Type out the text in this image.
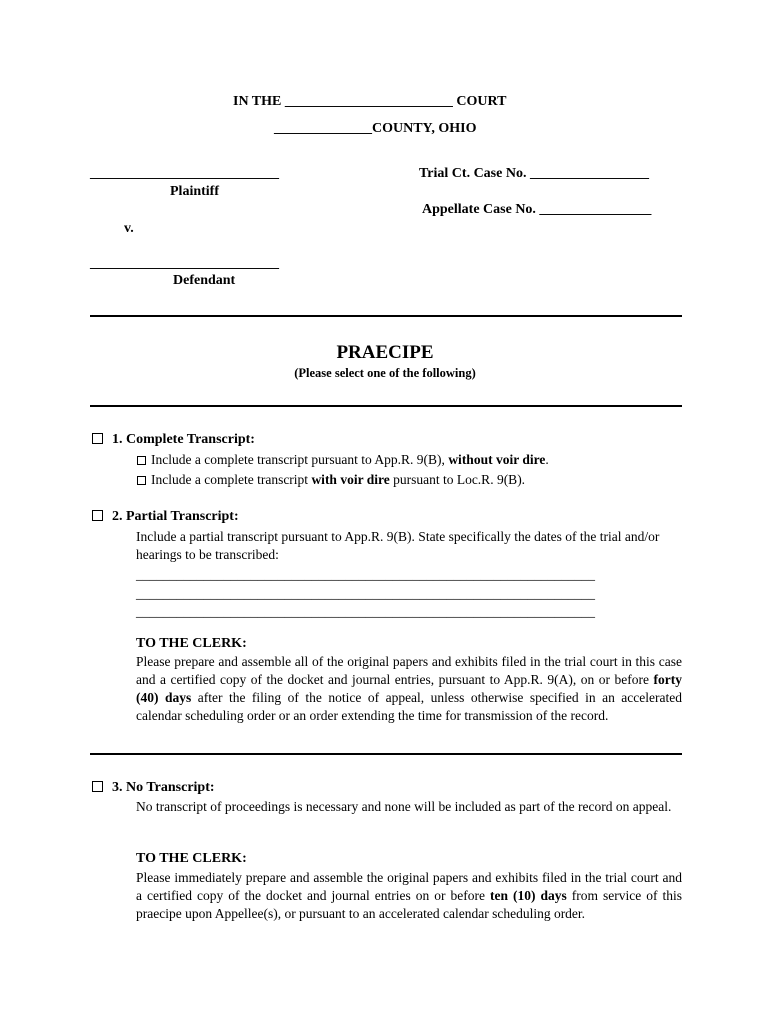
IN THE ________________________ COURT

______________COUNTY, OHIO

___________________________

Plaintiff

v.

___________________________

Defendant

Trial Ct. Case No. _________________

Appellate Case No. ________________

PRAECIPE

(Please select one of the following)

1. Complete Transcript:

Include a complete transcript pursuant to App.R. 9(B), without voir dire.

Include a complete transcript with voir dire pursuant to Loc.R. 9(B).

2. Partial Transcript:

Include a partial transcript pursuant to App.R. 9(B). State specifically the dates of the trial and/or hearings to be transcribed:

____________________________________________________________________

____________________________________________________________________

____________________________________________________________________

TO THE CLERK:

Please prepare and assemble all of the original papers and exhibits filed in the trial court in this case and a certified copy of the docket and journal entries, pursuant to App.R. 9(A), on or before forty (40) days after the filing of the notice of appeal, unless otherwise specified in an accelerated calendar scheduling order or an order extending the time for transmission of the record.

3. No Transcript:

No transcript of proceedings is necessary and none will be included as part of the record on appeal.

TO THE CLERK:

Please immediately prepare and assemble the original papers and exhibits filed in the trial court and a certified copy of the docket and journal entries on or before ten (10) days from service of this praecipe upon Appellee(s), or pursuant to an accelerated calendar scheduling order.
